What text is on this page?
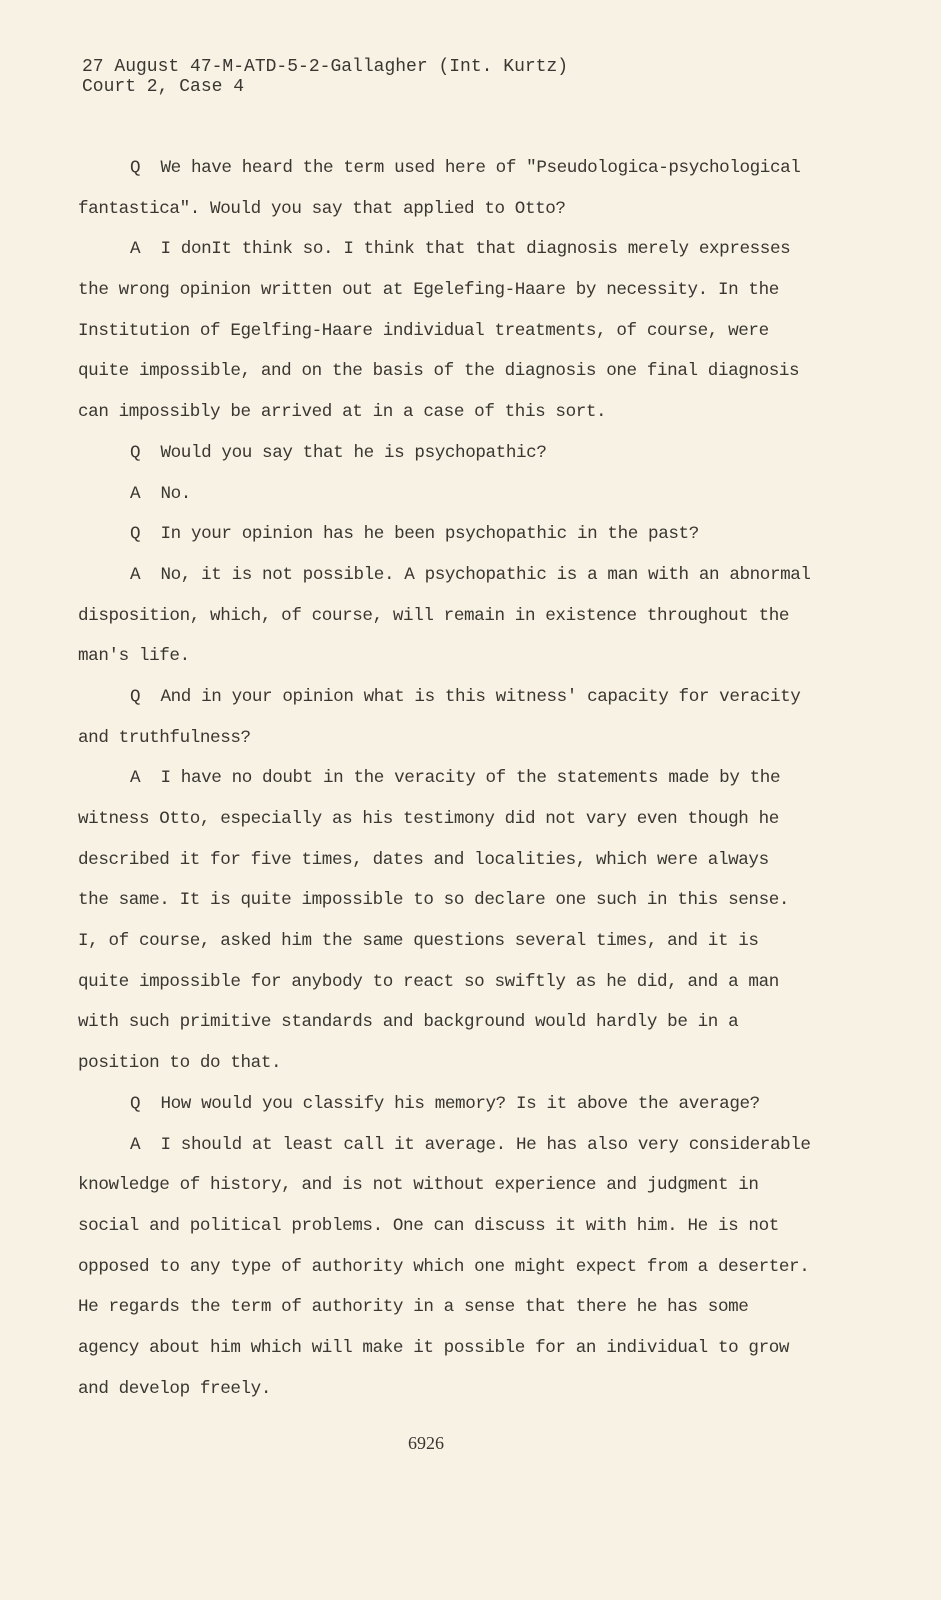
27 August 47-M-ATD-5-2-Gallagher (Int. Kurtz)
Court 2, Case 4
Q  We have heard the term used here of "Pseudologica-psychological
fantastica". Would you say that applied to Otto?
A  I donIt think so. I think that that diagnosis merely expresses
the wrong opinion written out at Egelefing-Haare by necessity. In the
Institution of Egelfing-Haare individual treatments, of course, were
quite impossible, and on the basis of the diagnosis one final diagnosis
can impossibly be arrived at in a case of this sort.
Q  Would you say that he is psychopathic?
A  No.
Q  In your opinion has he been psychopathic in the past?
A  No, it is not possible. A psychopathic is a man with an abnormal
disposition, which, of course, will remain in existence throughout the
man's life.
Q  And in your opinion what is this witness' capacity for veracity
and truthfulness?
A  I have no doubt in the veracity of the statements made by the
witness Otto, especially as his testimony did not vary even though he
described it for five times, dates and localities, which were always
the same. It is quite impossible to so declare one such in this sense.
I, of course, asked him the same questions several times, and it is
quite impossible for anybody to react so swiftly as he did, and a man
with such primitive standards and background would hardly be in a
position to do that.
Q  How would you classify his memory? Is it above the average?
A  I should at least call it average. He has also very considerable
knowledge of history, and is not without experience and judgment in
social and political problems. One can discuss it with him. He is not
opposed to any type of authority which one might expect from a deserter.
He regards the term of authority in a sense that there he has some
agency about him which will make it possible for an individual to grow
and develop freely.
6926
